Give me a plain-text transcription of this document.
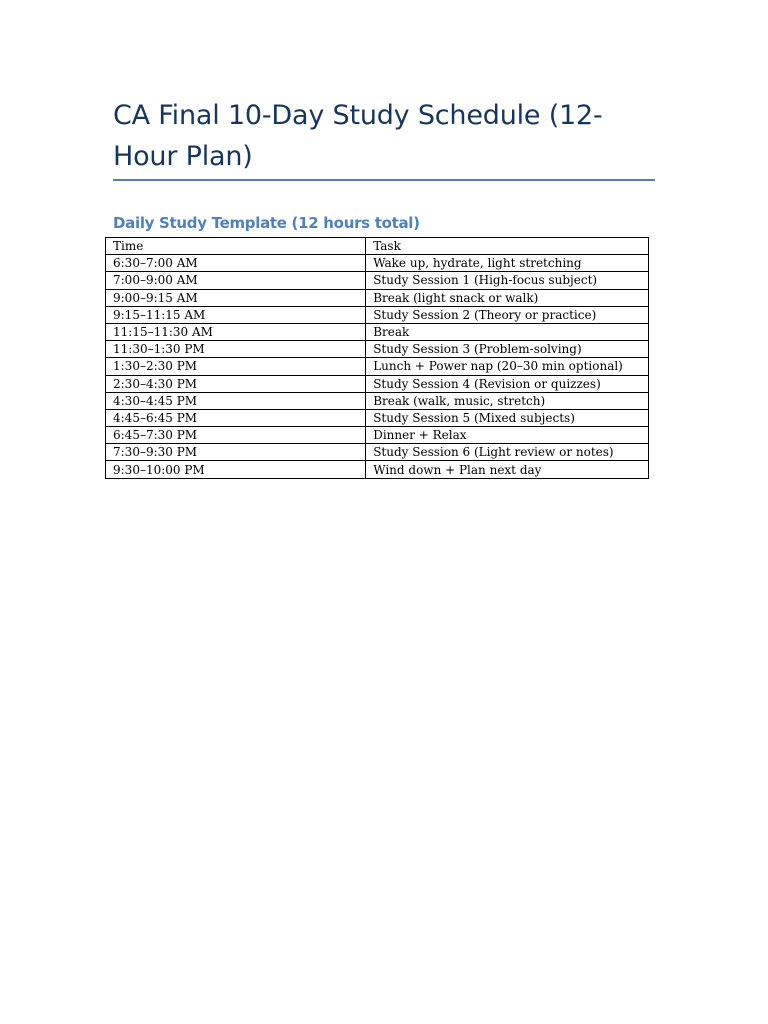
CA Final 10-Day Study Schedule (12-Hour Plan)
Daily Study Template (12 hours total)
Time	Task
6:30–7:00 AM	Wake up, hydrate, light stretching
7:00–9:00 AM	Study Session 1 (High-focus subject)
9:00–9:15 AM	Break (light snack or walk)
9:15–11:15 AM	Study Session 2 (Theory or practice)
11:15–11:30 AM	Break
11:30–1:30 PM	Study Session 3 (Problem-solving)
1:30–2:30 PM	Lunch + Power nap (20–30 min optional)
2:30–4:30 PM	Study Session 4 (Revision or quizzes)
4:30–4:45 PM	Break (walk, music, stretch)
4:45–6:45 PM	Study Session 5 (Mixed subjects)
6:45–7:30 PM	Dinner + Relax
7:30–9:30 PM	Study Session 6 (Light review or notes)
9:30–10:00 PM	Wind down + Plan next day
